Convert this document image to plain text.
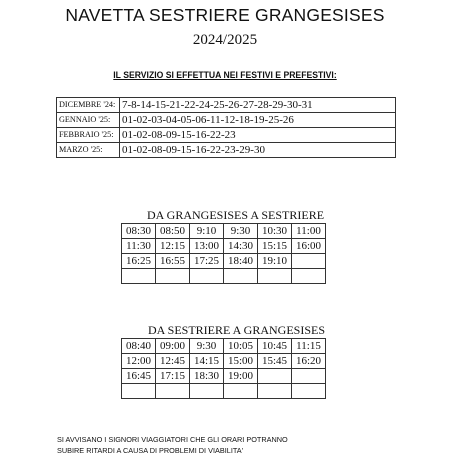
NAVETTA SESTRIERE GRANGESISES
2024/2025
IL SERVIZIO SI EFFETTUA NEI FESTIVI E PREFESTIVI:
DICEMBRE '24:	7-8-14-15-21-22-24-25-26-27-28-29-30-31
GENNAIO '25:	01-02-03-04-05-06-11-12-18-19-25-26
FEBBRAIO '25:	01-02-08-09-15-16-22-23
MARZO '25:	01-02-08-09-15-16-22-23-29-30
DA GRANGESISES A SESTRIERE
08:30	08:50	9:10	9:30	10:30	11:00
11:30	12:15	13:00	14:30	15:15	16:00
16:25	16:55	17:25	18:40	19:10	

DA SESTRIERE A GRANGESISES
08:40	09:00	9:30	10:05	10:45	11:15
12:00	12:45	14:15	15:00	15:45	16:20
16:45	17:15	18:30	19:00		

SI AVVISANO I SIGNORI VIAGGIATORI CHE GLI ORARI POTRANNO
SUBIRE RITARDI A CAUSA DI PROBLEMI DI VIABILITA'
